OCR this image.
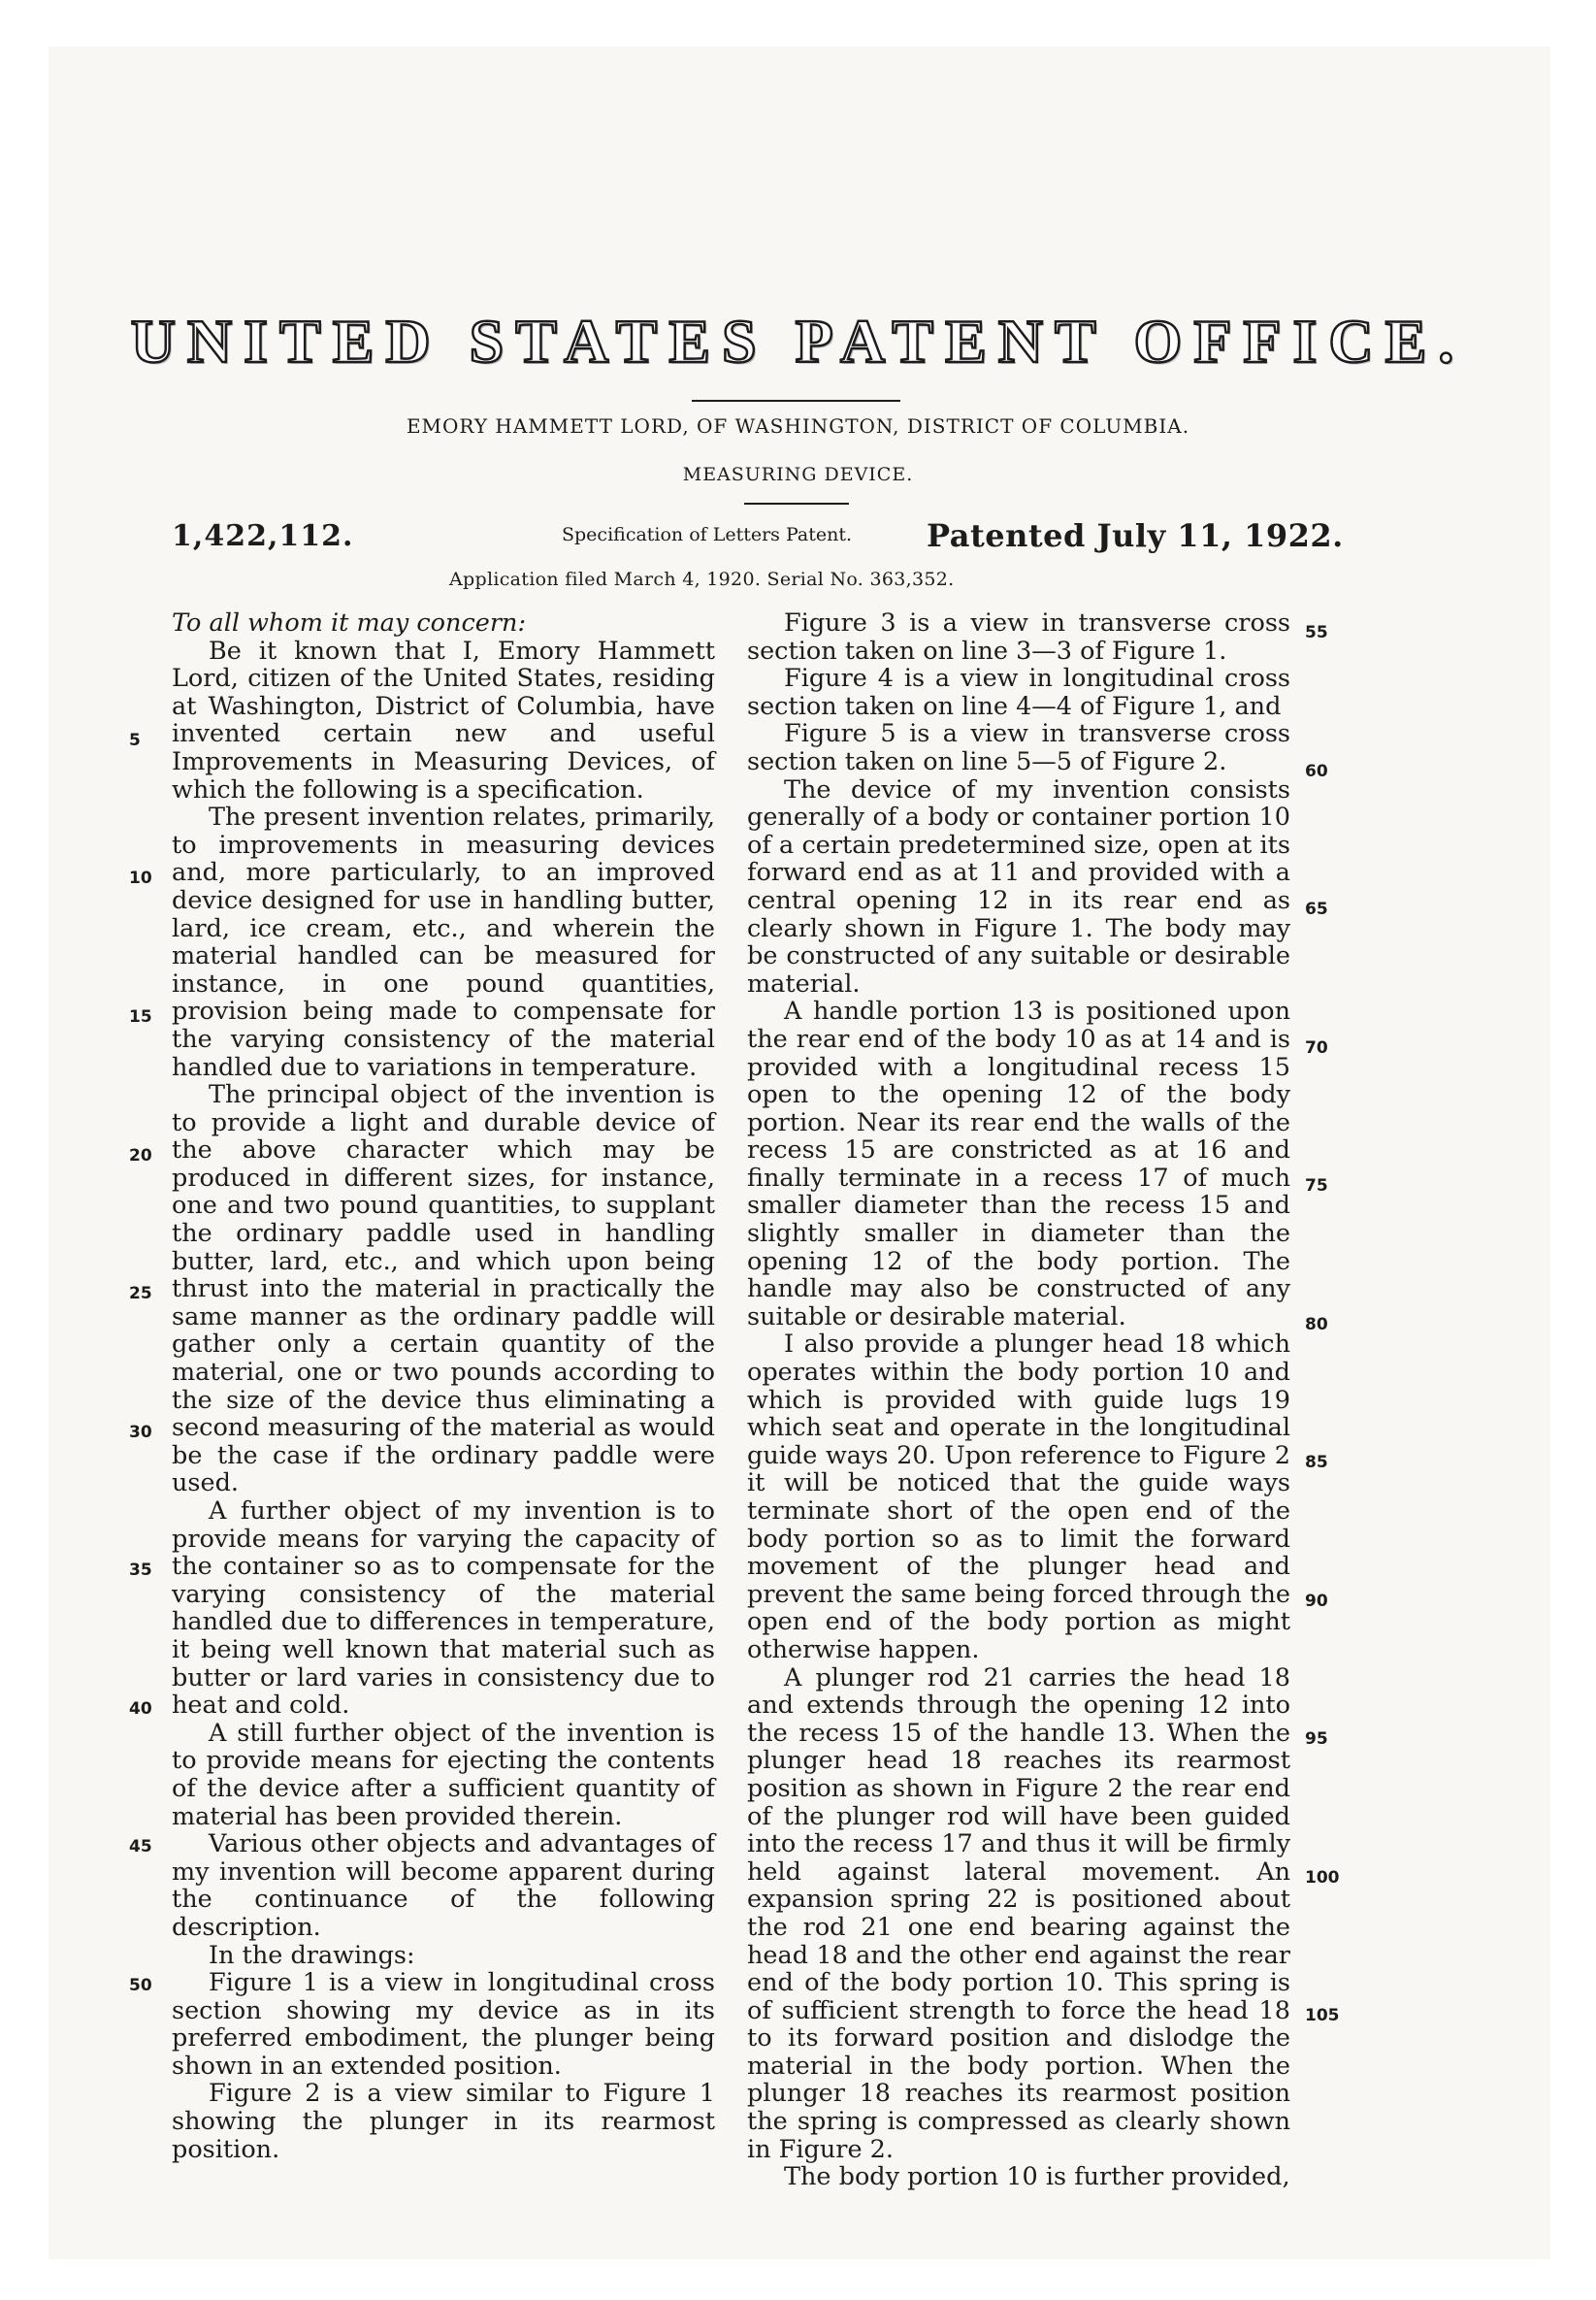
UNITED STATES PATENT OFFICE.
EMORY HAMMETT LORD, OF WASHINGTON, DISTRICT OF COLUMBIA.
MEASURING DEVICE.
1,422,112.	Specification of Letters Patent. Patented July 11, 1922.
Application filed March 4, 1920. Serial No. 363,352.

To all whom it may concern:

Be it known that I, Emory Hammett Lord, citizen of the United States, residing at Washington, District of Columbia, have invented certain new and useful Improvements in Measuring Devices, of which the following is a specification.

The present invention relates, primarily, to improvements in measuring devices and, more particularly, to an improved device designed for use in handling butter, lard, ice cream, etc., and wherein the material handled can be measured for instance, in one pound quantities, provision being made to compensate for the varying consistency of the material handled due to variations in temperature.

The principal object of the invention is to provide a light and durable device of the above character which may be produced in different sizes, for instance, one and two pound quantities, to supplant the ordinary paddle used in handling butter, lard, etc., and which upon being thrust into the material in practically the same manner as the ordinary paddle will gather only a certain quantity of the material, one or two pounds according to the size of the device thus eliminating a second measuring of the material as would be the case if the ordinary paddle were used.

A further object of my invention is to provide means for varying the capacity of the container so as to compensate for the varying consistency of the material handled due to differences in temperature, it being well known that material such as butter or lard varies in consistency due to heat and cold.

A still further object of the invention is to provide means for ejecting the contents of the device after a sufficient quantity of material has been provided therein.

Various other objects and advantages of my invention will become apparent during the continuance of the following description.

In the drawings:

Figure 1 is a view in longitudinal cross section showing my device as in its preferred embodiment, the plunger being shown in an extended position.

Figure 2 is a view similar to Figure 1 showing the plunger in its rearmost position.

Figure 3 is a view in transverse cross section taken on line 3—3 of Figure 1.

Figure 4 is a view in longitudinal cross section taken on line 4—4 of Figure 1, and

Figure 5 is a view in transverse cross section taken on line 5—5 of Figure 2.

The device of my invention consists generally of a body or container portion 10 of a certain predetermined size, open at its forward end as at 11 and provided with a central opening 12 in its rear end as clearly shown in Figure 1. The body may be constructed of any suitable or desirable material.

A handle portion 13 is positioned upon the rear end of the body 10 as at 14 and is provided with a longitudinal recess 15 open to the opening 12 of the body portion. Near its rear end the walls of the recess 15 are constricted as at 16 and finally terminate in a recess 17 of much smaller diameter than the recess 15 and slightly smaller in diameter than the opening 12 of the body portion. The handle may also be constructed of any suitable or desirable material.

I also provide a plunger head 18 which operates within the body portion 10 and which is provided with guide lugs 19 which seat and operate in the longitudinal guide ways 20. Upon reference to Figure 2 it will be noticed that the guide ways terminate short of the open end of the body portion so as to limit the forward movement of the plunger head and prevent the same being forced through the open end of the body portion as might otherwise happen.

A plunger rod 21 carries the head 18 and extends through the opening 12 into the recess 15 of the handle 13. When the plunger head 18 reaches its rearmost position as shown in Figure 2 the rear end of the plunger rod will have been guided into the recess 17 and thus it will be firmly held against lateral movement. An expansion spring 22 is positioned about the rod 21 one end bearing against the head 18 and the other end against the rear end of the body portion 10. This spring is of sufficient strength to force the head 18 to its forward position and dislodge the material in the body portion. When the plunger 18 reaches its rearmost position the spring is compressed as clearly shown in Figure 2.

The body portion 10 is further provided,

5
10
15
20
25
30
35
40
45
50
55
60
65
70
75
80
85
90
95
100
105
